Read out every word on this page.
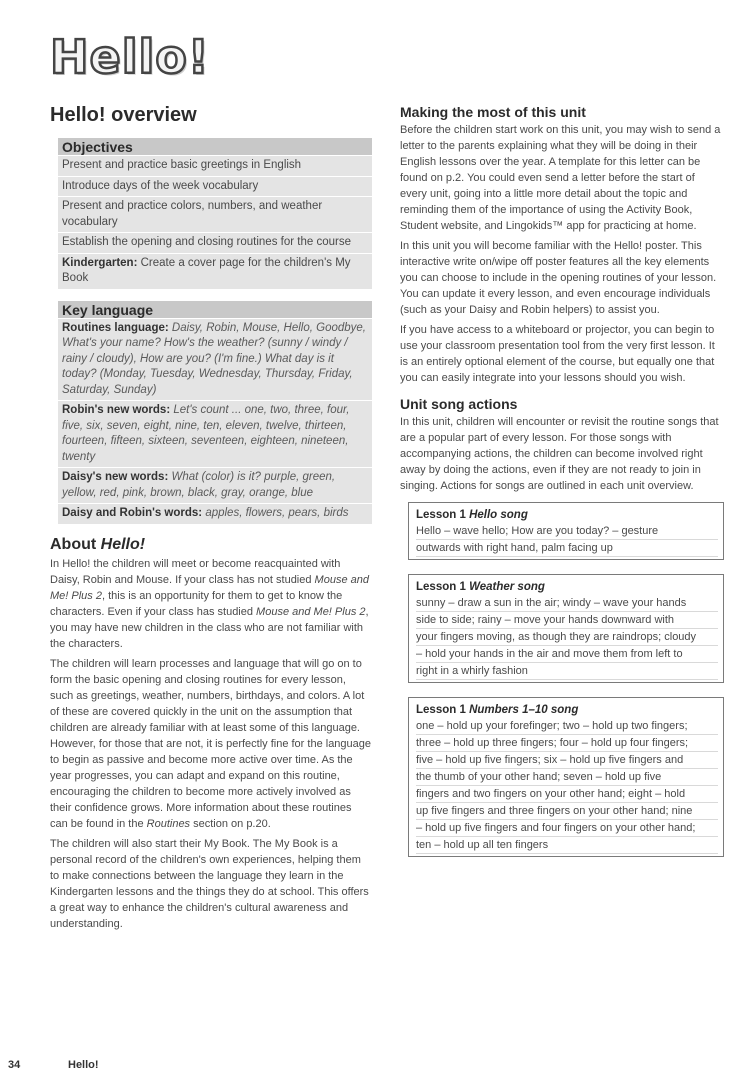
Hello!
Hello! overview
Objectives
Present and practice basic greetings in English
Introduce days of the week vocabulary
Present and practice colors, numbers, and weather vocabulary
Establish the opening and closing routines for the course
Kindergarten: Create a cover page for the children's My Book
Key language
Routines language: Daisy, Robin, Mouse, Hello, Goodbye, What's your name? How's the weather? (sunny / windy / rainy / cloudy), How are you? (I'm fine.) What day is it today? (Monday, Tuesday, Wednesday, Thursday, Friday, Saturday, Sunday)
Robin's new words: Let's count ... one, two, three, four, five, six, seven, eight, nine, ten, eleven, twelve, thirteen, fourteen, fifteen, sixteen, seventeen, eighteen, nineteen, twenty
Daisy's new words: What (color) is it? purple, green, yellow, red, pink, brown, black, gray, orange, blue
Daisy and Robin's words: apples, flowers, pears, birds
About Hello!

In Hello! the children will meet or become reacquainted with Daisy, Robin and Mouse. If your class has not studied Mouse and Me! Plus 2, this is an opportunity for them to get to know the characters. Even if your class has studied Mouse and Me! Plus 2, you may have new children in the class who are not familiar with the characters.

The children will learn processes and language that will go on to form the basic opening and closing routines for every lesson, such as greetings, weather, numbers, birthdays, and colors. A lot of these are covered quickly in the unit on the assumption that children are already familiar with at least some of this language. However, for those that are not, it is perfectly fine for the language to begin as passive and become more active over time. As the year progresses, you can adapt and expand on this routine, encouraging the children to become more actively involved as their confidence grows. More information about these routines can be found in the Routines section on p.20.

The children will also start their My Book. The My Book is a personal record of the children's own experiences, helping them to make connections between the language they learn in the Kindergarten lessons and the things they do at school. This offers a great way to enhance the children's cultural awareness and understanding.

Making the most of this unit

Before the children start work on this unit, you may wish to send a letter to the parents explaining what they will be doing in their English lessons over the year. A template for this letter can be found on p.2. You could even send a letter before the start of every unit, going into a little more detail about the topic and reminding them of the importance of using the Activity Book, Student website, and Lingokids™ app for practicing at home.

In this unit you will become familiar with the Hello! poster. This interactive write on/wipe off poster features all the key elements you can choose to include in the opening routines of your lesson. You can update it every lesson, and even encourage individuals (such as your Daisy and Robin helpers) to assist you.

If you have access to a whiteboard or projector, you can begin to use your classroom presentation tool from the very first lesson. It is an entirely optional element of the course, but equally one that you can easily integrate into your lessons should you wish.

Unit song actions

In this unit, children will encounter or revisit the routine songs that are a popular part of every lesson. For those songs with accompanying actions, the children can become involved right away by doing the actions, even if they are not ready to join in singing. Actions for songs are outlined in each unit overview.

Lesson 1 Hello song
Hello – wave hello; How are you today? – gesture
outwards with right hand, palm facing up
Lesson 1 Weather song
sunny – draw a sun in the air; windy – wave your hands
side to side; rainy – move your hands downward with
your fingers moving, as though they are raindrops; cloudy
– hold your hands in the air and move them from left to
right in a whirly fashion
Lesson 1 Numbers 1–10 song
one – hold up your forefinger; two – hold up two fingers;
three – hold up three fingers; four – hold up four fingers;
five – hold up five fingers; six – hold up five fingers and
the thumb of your other hand; seven – hold up five
fingers and two fingers on your other hand; eight – hold
up five fingers and three fingers on your other hand; nine
– hold up five fingers and four fingers on your other hand;
ten – hold up all ten fingers
34	Hello!
